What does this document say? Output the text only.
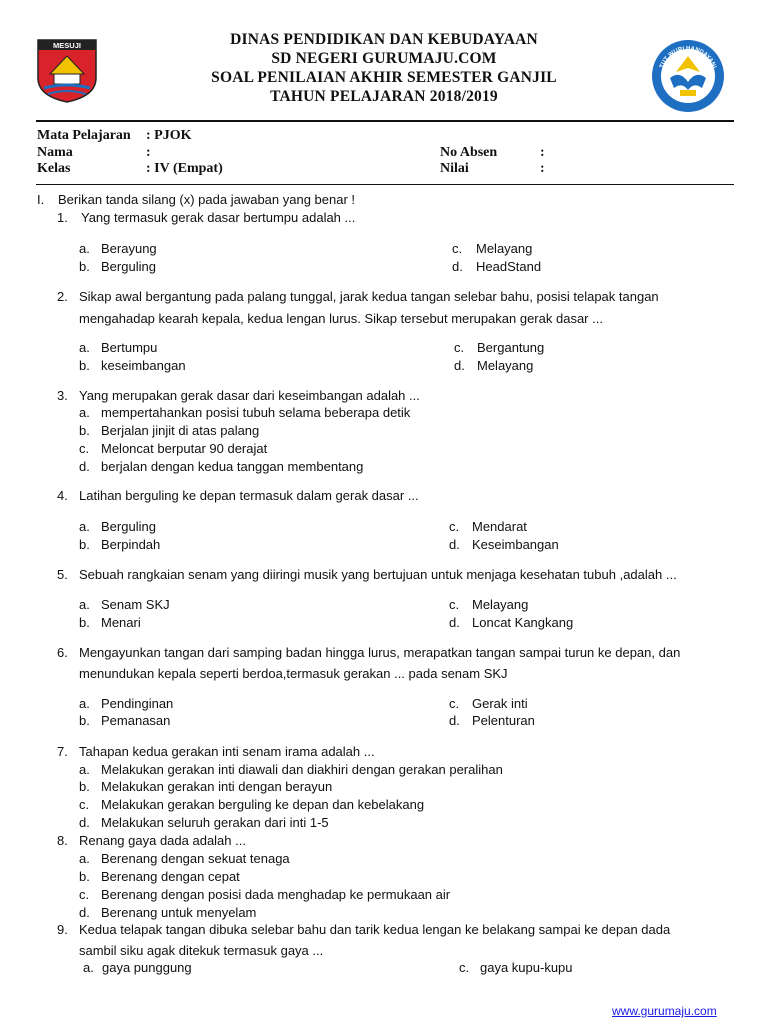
MESUJI	DINAS PENDIDIKAN DAN KEBUDAYAAN
SD NEGERI GURUMAJU.COM
SOAL PENILAIAN AKHIR SEMESTER GANJIL
TAHUN PELAJARAN 2018/2019
TUT WURI HANDAYANI
Mata Pelajaran : PJOK
Nama	:
Kelas	: IV (Empat)
No Absen	:
Nilai	:
I. Berikan tanda silang (x) pada jawaban yang benar !
1. Yang termasuk gerak dasar bertumpu adalah ...
a. Berayung
b. Berguling
c. Melayang
d. HeadStand
2. Sikap awal bergantung pada palang tunggal, jarak kedua tangan selebar bahu, posisi telapak tangan
mengahadap kearah kepala, kedua lengan lurus. Sikap tersebut merupakan gerak dasar ...
a. Bertumpu
b. keseimbangan
c. Bergantung
d. Melayang
3. Yang merupakan gerak dasar dari keseimbangan adalah ...
a. mempertahankan posisi tubuh selama beberapa detik
b. Berjalan jinjit di atas palang
c. Meloncat berputar 90 derajat
d. berjalan dengan kedua tanggan membentang
4. Latihan berguling ke depan termasuk dalam gerak dasar ...
a. Berguling
b. Berpindah
c. Mendarat
d. Keseimbangan
5. Sebuah rangkaian senam yang diiringi musik yang bertujuan untuk menjaga kesehatan tubuh ,adalah ...
a. Senam SKJ
b. Menari
c. Melayang
d. Loncat Kangkang
6. Mengayunkan tangan dari samping badan hingga lurus, merapatkan tangan sampai turun ke depan, dan
menundukan kepala seperti berdoa,termasuk gerakan ... pada senam SKJ
a. Pendinginan
b. Pemanasan
c. Gerak inti
d. Pelenturan
7. Tahapan kedua gerakan inti senam irama adalah ...
a. Melakukan gerakan inti diawali dan diakhiri dengan gerakan peralihan
b. Melakukan gerakan inti dengan berayun
c. Melakukan gerakan berguling ke depan dan kebelakang
d. Melakukan seluruh gerakan dari inti 1-5
8. Renang gaya dada adalah ...
a. Berenang dengan sekuat tenaga
b. Berenang dengan cepat
c. Berenang dengan posisi dada menghadap ke permukaan air
d. Berenang untuk menyelam
9. Kedua telapak tangan dibuka selebar bahu dan tarik kedua lengan ke belakang sampai ke depan dada
sambil siku agak ditekuk termasuk gaya ...
a. gaya punggung	c. gaya kupu-kupu
www.gurumaju.com
